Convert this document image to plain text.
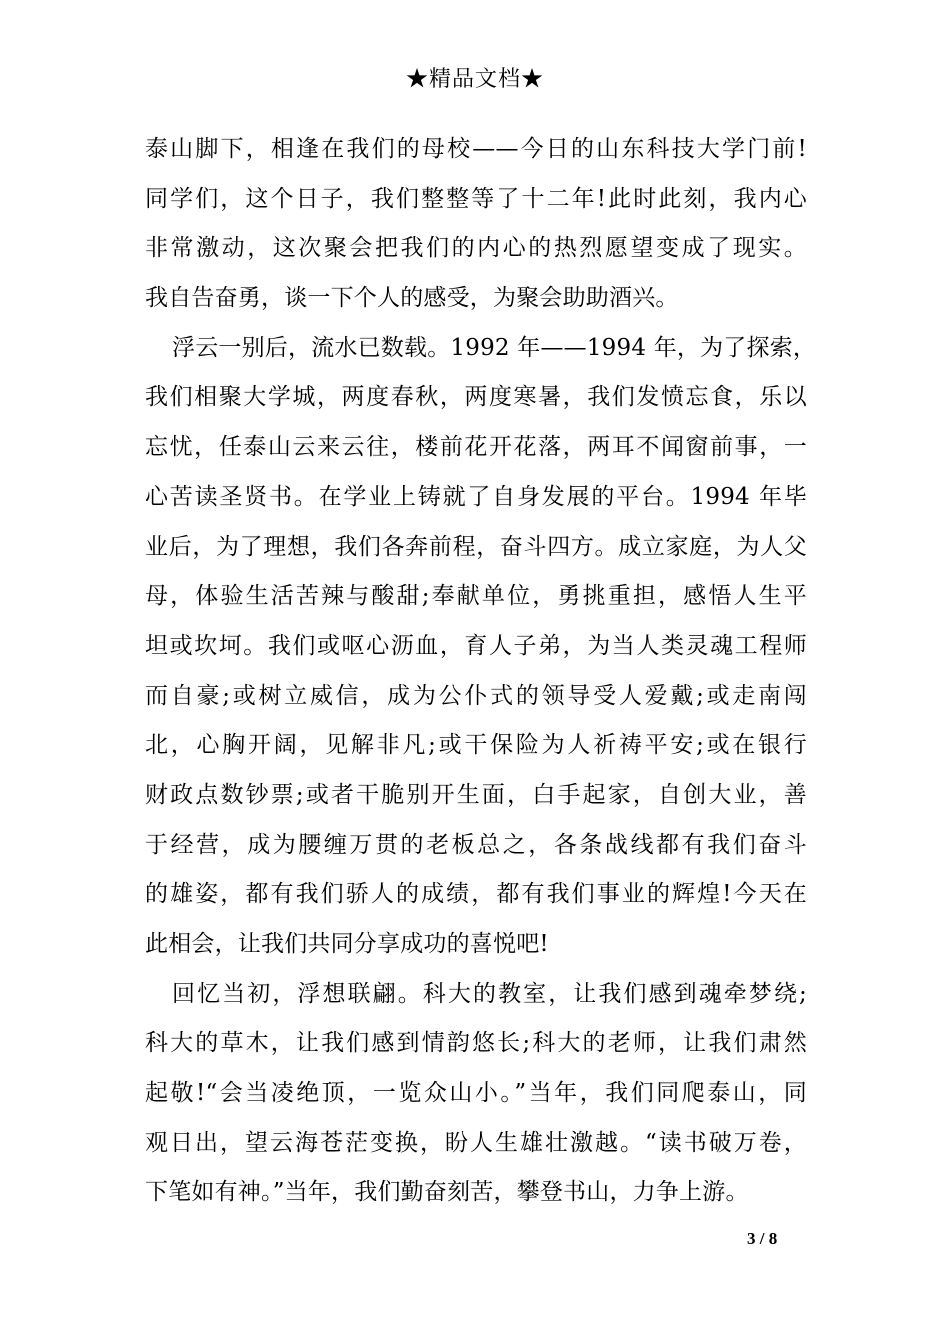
★精品文档★
泰山脚下，相逢在我们的母校——今日的山东科技大学门前!
同学们，这个日子，我们整整等了十二年!此时此刻，我内心
非常激动，这次聚会把我们的内心的热烈愿望变成了现实。
我自告奋勇，谈一下个人的感受，为聚会助助酒兴。
浮云一别后，流水已数载。1992 年——1994 年，为了探索，
我们相聚大学城，两度春秋，两度寒暑，我们发愤忘食，乐以
忘忧，任泰山云来云往，楼前花开花落，两耳不闻窗前事，一
心苦读圣贤书。在学业上铸就了自身发展的平台。1994 年毕
业后，为了理想，我们各奔前程，奋斗四方。成立家庭，为人父
母，体验生活苦辣与酸甜;奉献单位，勇挑重担，感悟人生平
坦或坎坷。我们或呕心沥血，育人子弟，为当人类灵魂工程师
而自豪;或树立威信，成为公仆式的领导受人爱戴;或走南闯
北，心胸开阔，见解非凡;或干保险为人祈祷平安;或在银行
财政点数钞票;或者干脆别开生面，白手起家，自创大业，善
于经营，成为腰缠万贯的老板总之，各条战线都有我们奋斗
的雄姿，都有我们骄人的成绩，都有我们事业的辉煌!今天在
此相会，让我们共同分享成功的喜悦吧!
回忆当初，浮想联翩。科大的教室，让我们感到魂牵梦绕;
科大的草木，让我们感到情韵悠长;科大的老师，让我们肃然
起敬!“会当凌绝顶，一览众山小。”当年，我们同爬泰山，同
观日出，望云海苍茫变换，盼人生雄壮激越。“读书破万卷，
下笔如有神。”当年，我们勤奋刻苦，攀登书山，力争上游。
3 / 8
